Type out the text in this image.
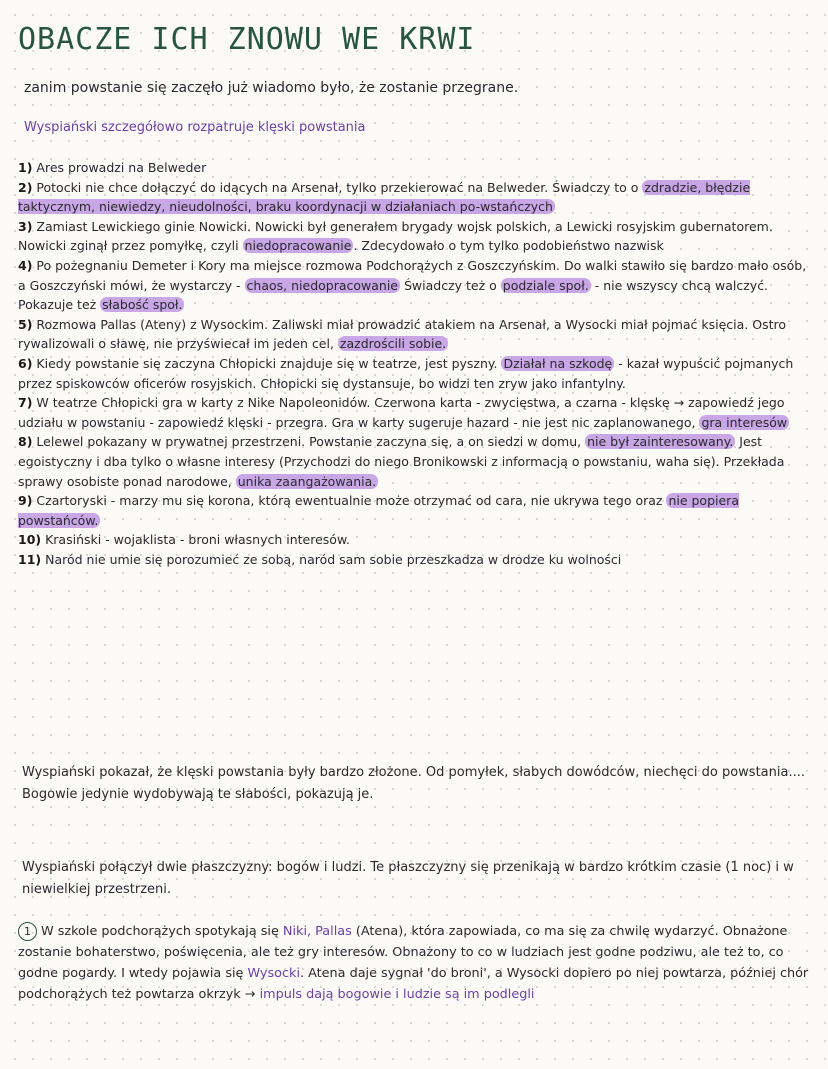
OBACZE ICH ZNOWU WE KRWI
zanim powstanie się zaczęło już wiadomo było, że zostanie przegrane.
Wyspiański szczegółowo rozpatruje klęski powstania

1) Ares prowadzi na Belweder

2) Potocki nie chce dołączyć do idących na Arsenał, tylko przekierować na Belweder. Świadczy to o zdradzie, błędzie taktycznym, niewiedzy, nieudolności, braku koordynacji w działaniach po-wstańczych

3) Zamiast Lewickiego ginie Nowicki. Nowicki był generałem brygady wojsk polskich, a Lewicki rosyjskim gubernatorem. Nowicki zginął przez pomyłkę, czyli niedopracowanie . Zdecydowało o tym tylko podobieństwo nazwisk

4) Po pożegnaniu Demeter i Kory ma miejsce rozmowa Podchorążych z Goszczyńskim. Do walki stawiło się bardzo mało osób, a Goszczyński mówi, że wystarczy - chaos, niedopracowanie Świadczy też o podziale społ. - nie wszyscy chcą walczyć. Pokazuje też słabość społ.

5) Rozmowa Pallas (Ateny) z Wysockim. Zaliwski miał prowadzić atakiem na Arsenał, a Wysocki miał pojmać księcia. Ostro rywalizowali o sławę, nie przyświecał im jeden cel, zazdrościli sobie.

6) Kiedy powstanie się zaczyna Chłopicki znajduje się w teatrze, jest pyszny. Działał na szkodę - kazał wypuścić pojmanych przez spiskowców oficerów rosyjskich. Chłopicki się dystansuje, bo widzi ten zryw jako infantylny.

7) W teatrze Chłopicki gra w karty z Nike Napoleonidów. Czerwona karta - zwycięstwa, a czarna - klęskę → zapowiedź jego udziału w powstaniu - zapowiedź klęski - przegra. Gra w karty sugeruje hazard - nie jest nic zaplanowanego, gra interesów

8) Lelewel pokazany w prywatnej przestrzeni. Powstanie zaczyna się, a on siedzi w domu, nie był zainteresowany. Jest egoistyczny i dba tylko o własne interesy (Przychodzi do niego Bronikowski z informacją o powstaniu, waha się). Przekłada sprawy osobiste ponad narodowe, unika zaangażowania.

9) Czartoryski - marzy mu się korona, którą ewentualnie może otrzymać od cara, nie ukrywa tego oraz nie popiera powstańców.

10) Krasiński - wojaklista - broni własnych interesów.

11) Naród nie umie się porozumieć ze sobą, naród sam sobie przeszkadza w drodze ku wolności

Wyspiański pokazał, że klęski powstania były bardzo złożone. Od pomyłek, słabych dowódców, niechęci do powstania.... Bogowie jedynie wydobywają te słabości, pokazują je.
Wyspiański połączył dwie płaszczyzny: bogów i ludzi. Te płaszczyzny się przenikają w bardzo krótkim czasie (1 noc) i w niewielkiej przestrzeni.
1 W szkole podchorążych spotykają się Niki, Pallas (Atena), która zapowiada, co ma się za chwilę wydarzyć. Obnażone zostanie bohaterstwo, poświęcenia, ale też gry interesów. Obnażony to co w ludziach jest godne podziwu, ale też to, co godne pogardy. I wtedy pojawia się Wysocki. Atena daje sygnał 'do broni', a Wysocki dopiero po niej powtarza, później chór podchorążych też powtarza okrzyk → impuls dają bogowie i ludzie są im podlegli
